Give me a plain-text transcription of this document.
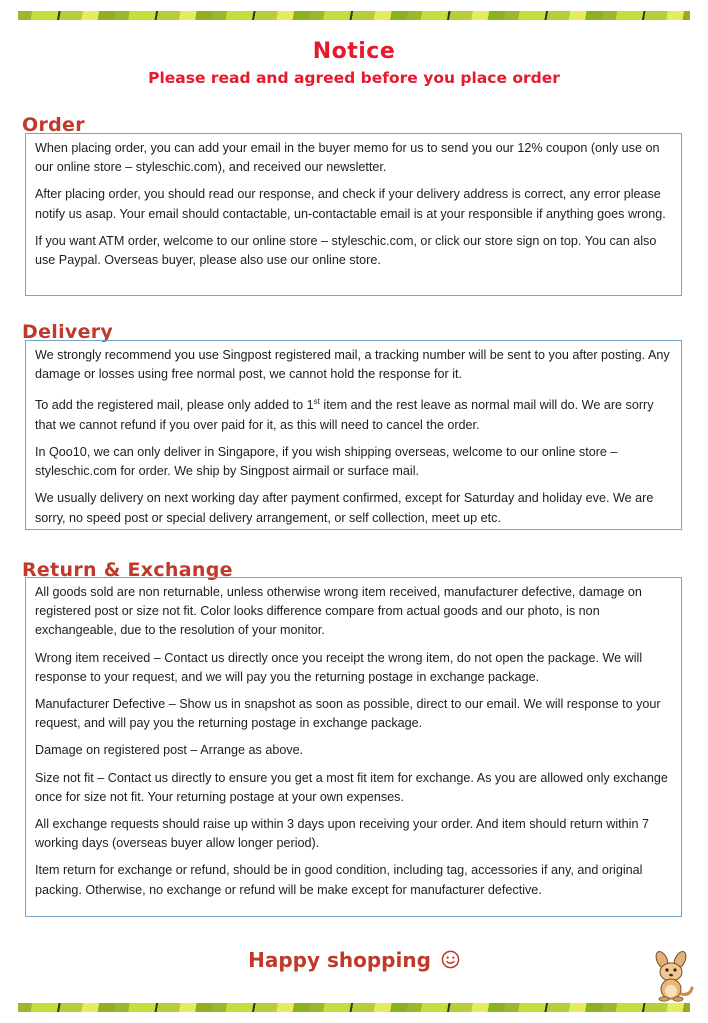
Notice
Please read and agreed before you place order
Order

When placing order, you can add your email in the buyer memo for us to send you our 12% coupon (only use on our online store – styleschic.com), and received our newsletter.

After placing order, you should read our response, and check if your delivery address is correct, any error please notify us asap. Your email should contactable, un-contactable email is at your responsible if anything goes wrong.

If you want ATM order, welcome to our online store – styleschic.com, or click our store sign on top. You can also use Paypal. Overseas buyer, please also use our online store.

Delivery

We strongly recommend you use Singpost registered mail, a tracking number will be sent to you after posting. Any damage or losses using free normal post, we cannot hold the response for it.

To add the registered mail, please only added to 1st item and the rest leave as normal mail will do. We are sorry that we cannot refund if you over paid for it, as this will need to cancel the order.

In Qoo10, we can only deliver in Singapore, if you wish shipping overseas, welcome to our online store – styleschic.com for order. We ship by Singpost airmail or surface mail.

We usually delivery on next working day after payment confirmed, except for Saturday and holiday eve. We are sorry, no speed post or special delivery arrangement, or self collection, meet up etc.

Return & Exchange

All goods sold are non returnable, unless otherwise wrong item received, manufacturer defective, damage on registered post or size not fit. Color looks difference compare from actual goods and our photo, is non exchangeable, due to the resolution of your monitor.

Wrong item received – Contact us directly once you receipt the wrong item, do not open the package. We will response to your request, and we will pay you the returning postage in exchange package.

Manufacturer Defective – Show us in snapshot as soon as possible, direct to our email. We will response to your request, and will pay you the returning postage in exchange package.

Damage on registered post – Arrange as above.

Size not fit – Contact us directly to ensure you get a most fit item for exchange. As you are allowed only exchange once for size not fit. Your returning postage at your own expenses.

All exchange requests should raise up within 3 days upon receiving your order. And item should return within 7 working days (overseas buyer allow longer period).

Item return for exchange or refund, should be in good condition, including tag, accessories if any, and original packing. Otherwise, no exchange or refund will be make except for manufacturer defective.

Happy shopping
